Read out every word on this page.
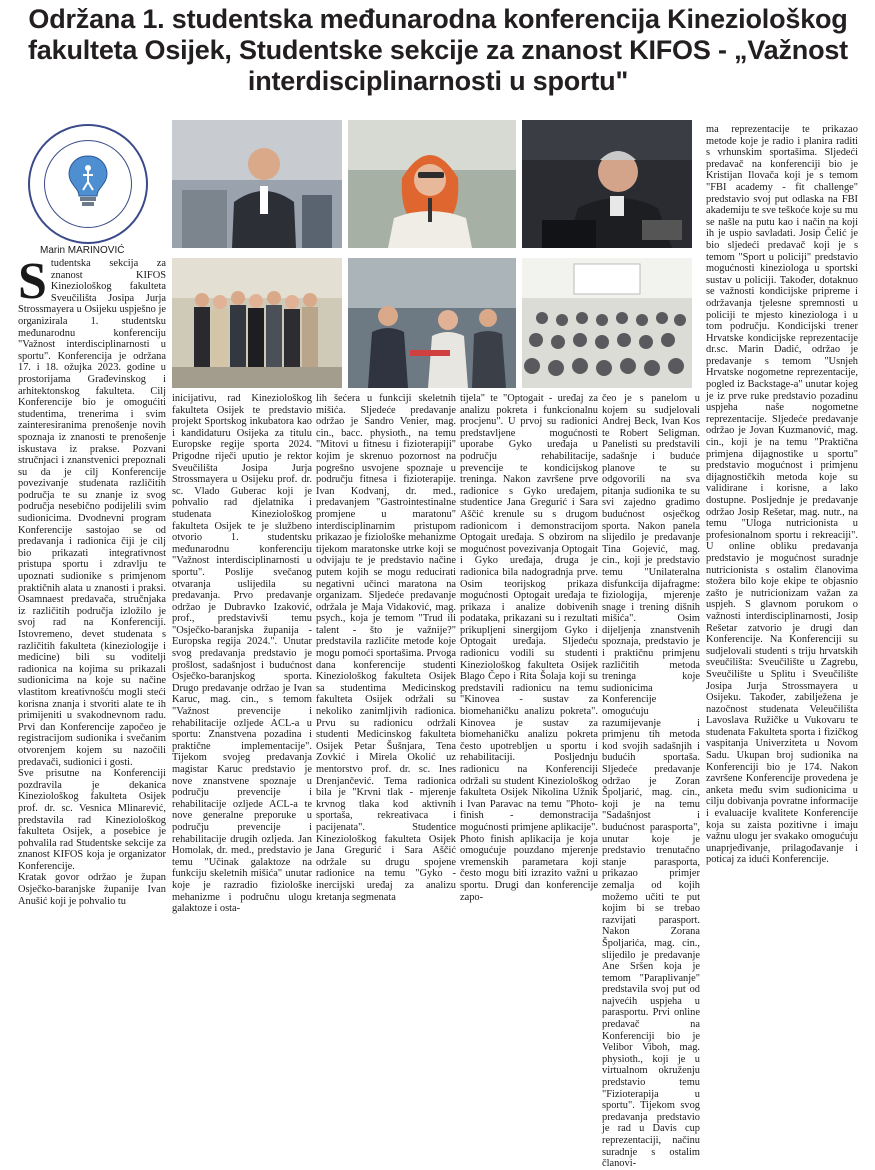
Održana 1. studentska međunarodna konferencija Kineziološkog fakulteta Osijek, Studentske sekcije za znanost KIFOS - „Važnost interdisciplinarnosti u sportu"
Marin MARINOVIĆ

Studentska sekcija za znanost KIFOS Kineziološkog fakulteta Sveučilišta Josipa Jurja Strossmayera u Osijeku uspješno je organizirala 1. studentsku međunarodnu konferenciju "Važnost interdisciplinarnosti u sportu". Konferencija je održana 17. i 18. ožujka 2023. godine u prostorijama Građevinskog i arhitektonskog fakulteta. Cilj Konferencije bio je omogućiti studentima, trenerima i svim zainteresiranima prenošenje novih spoznaja iz znanosti te prenošenje iskustava iz prakse. Pozvani stručnjaci i znanstvenici prepoznali su da je cilj Konferencije povezivanje studenata različitih područja te su znanje iz svog područja nesebično podijelili svim sudionicima. Dvodnevni program Konferencije sastojao se od predavanja i radionica čiji je cilj bio prikazati integrativnost pristupa sportu i zdravlju te upoznati sudionike s primjenom praktičnih alata u znanosti i praksi. Osamnaest predavača, stručnjaka iz različitih područja izložilo je svoj rad na Konferenciji. Istovremeno, devet studenata s različitih fakulteta (kineziologije i medicine) bili su voditelji radionica na kojima su prikazali sudionicima na koje su načine vlastitom kreativnošću mogli steći korisna znanja i stvoriti alate te ih primijeniti u svakodnevnom radu. Prvi dan Konferencije započeo je registracijom sudionika i svečanim otvorenjem kojem su nazočili predavači, sudionici i gosti.

Sve prisutne na Konferenciji pozdravila je dekanica Kineziološkog fakulteta Osijek prof. dr. sc. Vesnica Mlinarević, predstavila rad Kineziološkog fakulteta Osijek, a posebice je pohvalila rad Studentske sekcije za znanost KIFOS koja je organizator Konferencije.

Kratak govor održao je župan Osječko-baranjske županije Ivan Anušić koji je pohvalio tu

inicijativu, rad Kineziološkog fakulteta Osijek te predstavio projekt Sportskog inkubatora kao i kandidaturu Osijeka za titulu Europske regije sporta 2024. Prigodne riječi uputio je rektor Sveučilišta Josipa Jurja Strossmayera u Osijeku prof. dr. sc. Vlado Guberac koji je pohvalio rad djelatnika i studenata Kineziološkog fakulteta Osijek te je službeno otvorio 1. studentsku međunarodnu konferenciju "Važnost interdisciplinarnosti u sportu". Poslije svečanog otvaranja uslijedila su predavanja. Prvo predavanje održao je Dubravko Izaković, prof., predstavivši temu "Osječko-baranjska županija - Europska regija 2024.". Unutar svog predavanja predstavio je prošlost, sadašnjost i budućnost Osječko-baranjskog sporta. Drugo predavanje održao je Ivan Karuc, mag. cin., s temom "Važnost prevencije i rehabilitacije ozljede ACL-a u sportu: Znanstvena pozadina i praktične implementacije". Tijekom svojeg predavanja magistar Karuc predstavio je nove znanstvene spoznaje u području prevencije i rehabilitacije ozljede ACL-a te nove generalne preporuke u području prevencije i rehabilitacije drugih ozljeda. Jan Homolak, dr. med., predstavio je temu "Učinak galaktoze na funkciju skeletnih mišića" unutar koje je razradio fiziološke mehanizme i područnu ulogu galaktoze i osta-

lih šećera u funkciji skeletnih mišića. Sljedeće predavanje održao je Sandro Venier, mag. cin., bacc. physioth., na temu "Mitovi u fitnesu i fizioterapiji" kojim je skrenuo pozornost na pogrešno usvojene spoznaje u području fitnesa i fizioterapije. Ivan Kodvanj, dr. med., predavanjem "Gastrointestinalne promjene u maratonu" interdisciplinarnim pristupom prikazao je fiziološke mehanizme tijekom maratonske utrke koji se odvijaju te je predstavio načine putem kojih se mogu reducirati negativni učinci maratona na organizam. Sljedeće predavanje održala je Maja Vidaković, mag. psych., koja je temom "Trud ili talent - što je važnije?" predstavila različite metode koje mogu pomoći sportašima. Prvoga dana konferencije studenti Kineziološkog fakulteta Osijek sa studentima Medicinskog fakulteta Osijek održali su nekoliko zanimljivih radionica. Prvu su radionicu održali studenti Medicinskog fakulteta Osijek Petar Šušnjara, Tena Zovkić i Mirela Okolić uz mentorstvo prof. dr. sc. Ines Drenjančević. Tema radionica bila je "Krvni tlak - mjerenje krvnog tlaka kod aktivnih sportaša, rekreativaca i pacijenata". Studentice Kineziološkog fakulteta Osijek Jana Gregurić i Sara Aščić održale su drugu spojene radionice na temu "Gyko - inercijski uređaj za analizu kretanja segmenata

tijela" te "Optogait - uređaj za analizu pokreta i funkcionalnu procjenu". U prvoj su radionici predstavljene mogućnosti uporabe Gyko uređaja u području rehabilitacije, prevencije te kondicijskog treninga. Nakon završene prve radionice s Gyko uređajem, studentice Jana Gregurić i Sara Aščić krenule su s drugom radionicom i demonstracijom Optogait uređaja. S obzirom na mogućnost povezivanja Optogait i Gyko uređaja, druga je radionica bila nadogradnja prve. Osim teorijskog prikaza mogućnosti Optogait uređaja te prikaza i analize dobivenih podataka, prikazani su i rezultati prikupljeni sinergijom Gyko i Optogait uređaja. Sljedeću radionicu vodili su studenti Kineziološkog fakulteta Osijek Blago Čepo i Rita Šolaja koji su predstavili radionicu na temu "Kinovea - sustav za biomehaničku analizu pokreta". Kinovea je sustav za biomehaničku analizu pokreta često upotrebljen u sportu i rehabilitaciji. Posljednju radionicu na Konferenciji održali su student Kineziološkog fakulteta Osijek Nikolina Užnik i Ivan Paravac na temu "Photo-finish - demonstracija mogućnosti primjene aplikacije". Photo finish aplikacija je koja omogućuje pouzdano mjerenje vremenskih parametara koji često mogu biti izrazito važni u sportu. Drugi dan konferencije zapo-

čeo je s panelom u kojem su sudjelovali Andrej Beck, Ivan Kos te Robert Seligman. Panelisti su predstavili sadašnje i buduće planove te su odgovorili na sva pitanja sudionika te su svi zajedno gradimo budućnost osječkog sporta. Nakon panela slijedilo je predavanje Tina Gojević, mag. cin., koji je predstavio temu "Unilateralna disfunkcija dijafragme: fiziologija, mjerenje snage i trening dišnih mišića". Osim dijeljenja znanstvenih spoznaja, predstavio je i praktičnu primjenu različitih metoda treninga koje sudionicima Konferencije omogućuju razumijevanje i primjenu tih metoda kod svojih sadašnjih i budućih sportaša. Sljedeće predavanje održao je Zoran Špoljarić, mag. cin., koji je na temu "Sadašnjost i budućnost parasporta", unutar koje je predstavio trenutačno stanje parasporta, prikazao primjer zemalja od kojih možemo učiti te put kojim bi se trebao razvijati parasport. Nakon Zorana Špoljarića, mag. cin., slijedilo je predavanje Ane Sršen koja je temom "Paraplivanje" predstavila svoj put od najvećih uspjeha u parasportu. Prvi online predavač na Konferenciji bio je Velibor Viboh, mag. physioth., koji je u virtualnom okruženju predstavio temu "Fizioterapija u sportu". Tijekom svog predavanja predstavio je rad u Davis cup reprezentaciji, načinu suradnje s ostalim članovi-

ma reprezentacije te prikazao metode koje je radio i planira raditi s vrhunskim sportašima. Sljedeći predavač na konferenciji bio je Kristijan Ilovača koji je s temom "FBI academy - fit challenge" predstavio svoj put odlaska na FBI akademiju te sve teškoće koje su mu se našle na putu kao i način na koji ih je uspio savladati. Josip Čelić je bio sljedeći predavač koji je s temom "Sport u policiji" predstavio mogućnosti kineziologa u sportski sustav u policiji. Također, dotaknuo se važnosti kondicijske pripreme i održavanja tjelesne spremnosti u policiji te mjesto kineziologa i u tom području. Kondicijski trener Hrvatske kondicijske reprezentacije dr.sc. Marin Dadić, održao je predavanje s temom "Usnjeh Hrvatske nogometne reprezentacije, pogled iz Backstage-a" unutar kojeg je iz prve ruke predstavio pozadinu uspjeha naše nogometne reprezentacije. Sljedeće predavanje održao je Jovan Kuzmanović, mag. cin., koji je na temu "Praktična primjena dijagnostike u sportu" predstavio mogućnost i primjenu dijagnostičkih metoda koje su validirane i korisne, a lako dostupne. Posljednje je predavanje održao Josip Rešetar, mag. nutr., na temu "Uloga nutricionista u profesionalnom sportu i rekreaciji". U online obliku predavanja predstavio je mogućnost suradnje nutricionista s ostalim članovima stožera bilo koje ekipe te objasnio zašto je nutricionizam važan za uspjeh. S glavnom porukom o važnosti interdisciplinarnosti, Josip Rešetar zatvorio je drugi dan Konferencije. Na Konferenciji su sudjelovali studenti s triju hrvatskih sveučilišta: Sveučilište u Zagrebu, Sveučilište u Splitu i Sveučilište Josipa Jurja Strossmayera u Osijeku. Također, zabilježena je nazočnost studenata Veleučilišta Lavoslava Ružičke u Vukovaru te studenata Fakulteta sporta i fizičkog vaspitanja Univerziteta u Novom Sadu. Ukupan broj sudionika na Konferenciji bio je 174. Nakon završene Konferencije provedena je anketa među svim sudionicima u cilju dobivanja povratne informacije i evaluacije kvalitete Konferencije koja su zaista pozitivne i imaju važnu ulogu jer svakako omogućuju unaprjeđivanje, prilagođavanje i poticaj za idući Konferencije.
